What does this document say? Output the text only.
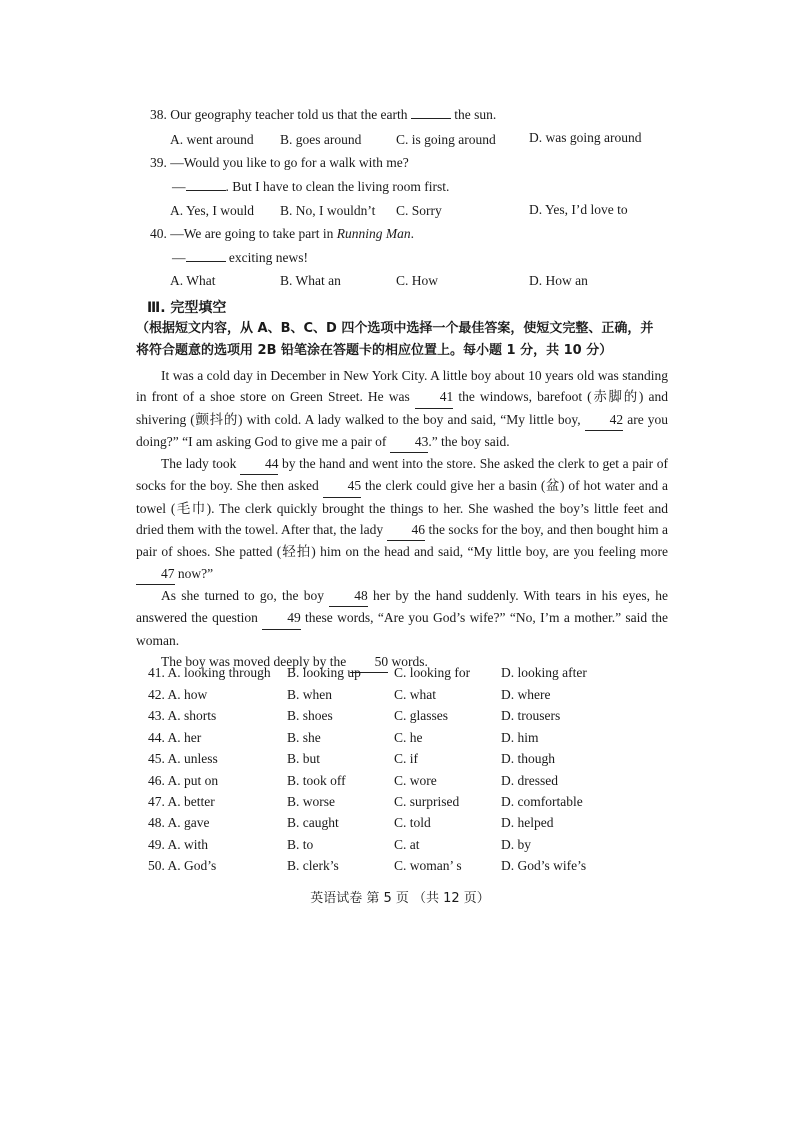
38. Our geography teacher told us that the earth	the sun.
A. went around B. goes around	C. is going around D. was going around
39. —Would you like to go for a walk with me?
—	. But I have to clean the living room first.
A. Yes, I would B. No, I wouldn’t C. Sorry	D. Yes, I’d love to
40. —We are going to take part in Running Man.
—	exciting news!
A. What	B. What an	C. How	D. How an
Ⅲ. 完型填空
（根据短文内容，从 A、B、C、D 四个选项中选择一个最佳答案，使短文完整、正确，并
将符合题意的选项用 2B 铅笔涂在答题卡的相应位置上。每小题 1 分，共 10 分）

It was a cold day in December in New York City. A little boy about 10 years old was standing in front of a shoe store on Green Street. He was 41 the windows, barefoot (赤脚的) and shivering (颤抖的) with cold. A lady walked to the boy and said, “My little boy, 42 are you doing?” “I am asking God to give me a pair of 43.” the boy said.

The lady took 44 by the hand and went into the store. She asked the clerk to get a pair of socks for the boy. She then asked 45 the clerk could give her a basin (盆) of hot water and a towel (毛巾). The clerk quickly brought the things to her. She washed the boy’s little feet and dried them with the towel. After that, the lady 46 the socks for the boy, and then bought him a pair of shoes. She patted (轻拍) him on the head and said, “My little boy, are you feeling more 47 now?”

As she turned to go, the boy 48 her by the hand suddenly. With tears in his eyes, he answered the question 49 these words, “Are you God’s wife?” “No, I’m a mother.” said the woman.

The boy was moved deeply by the 50 words.

41. A. looking through B. looking up C. looking for D. looking after
42. A. how	B. when	C. what	D. where
43. A. shorts	B. shoes	C. glasses	D. trousers
44. A. her	B. she	C. he	D. him
45. A. unless	B. but	C. if	D. though
46. A. put on	B. took off	C. wore	D. dressed
47. A. better	B. worse	C. surprised	D. comfortable
48. A. gave	B. caught	C. told	D. helped
49. A. with	B. to	C. at	D. by
50. A. God’s	B. clerk’s	C. woman’ s	D. God’s wife’s
英语试卷 第 5 页 （共 12 页）
